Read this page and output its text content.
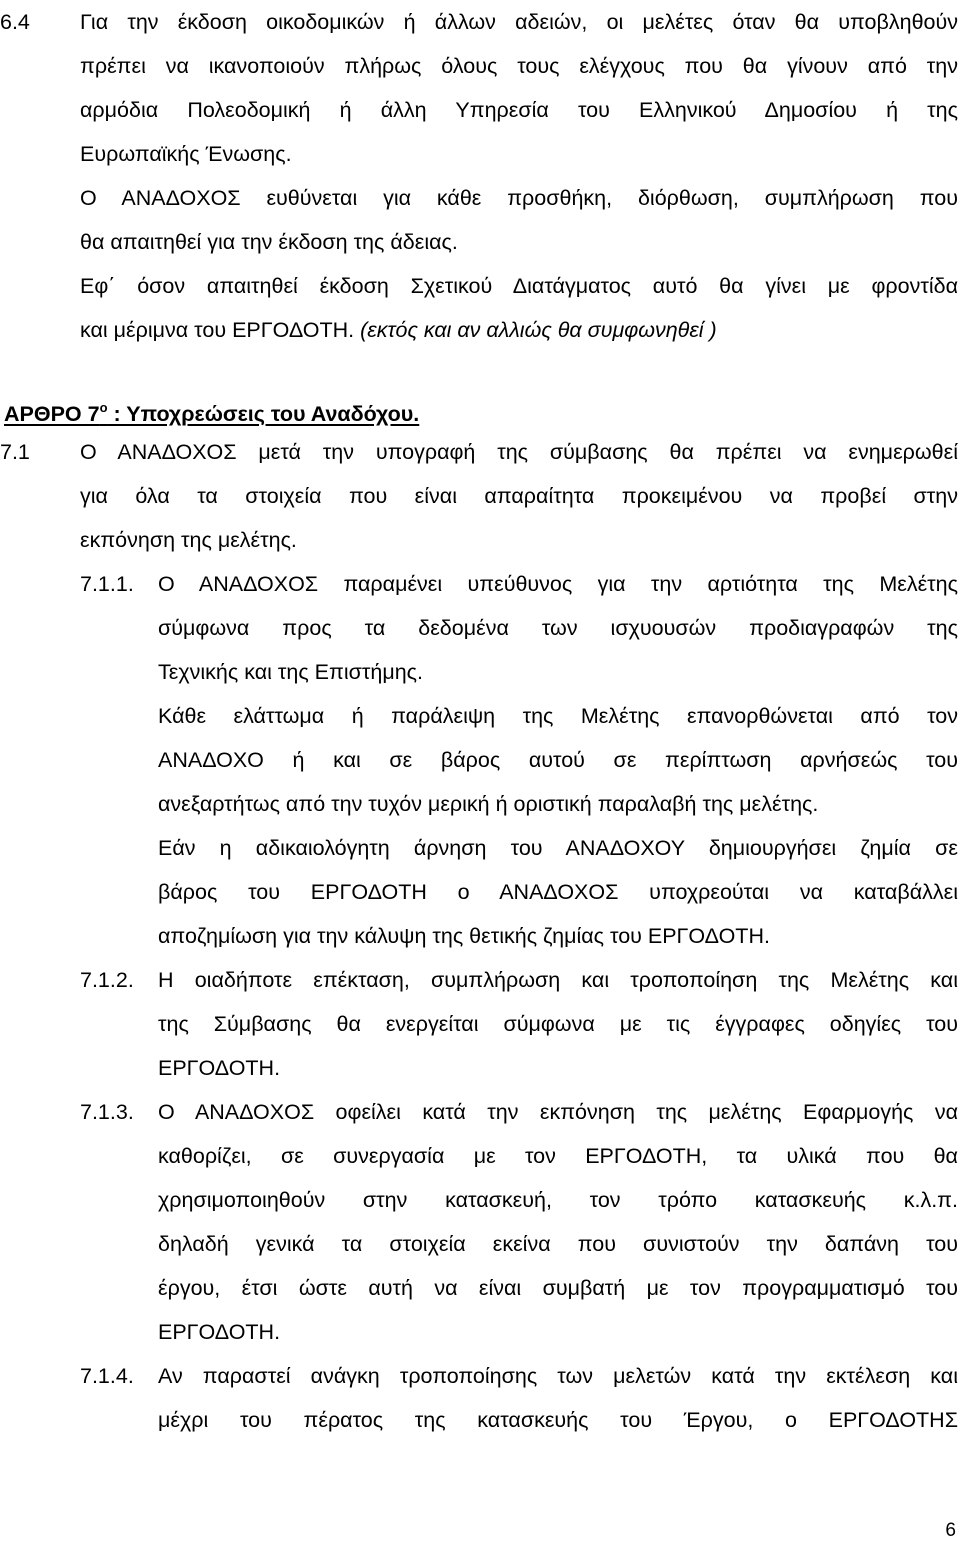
6.4	Για την έκδοση οικοδομικών ή άλλων αδειών, οι μελέτες όταν θα υποβληθούν
πρέπει να ικανοποιούν πλήρως όλους τους ελέγχους που θα γίνουν από την
αρμόδια Πολεοδομική ή άλλη Υπηρεσία του Ελληνικού Δημοσίου ή της
Ευρωπαϊκής Ένωσης.
Ο ΑΝΑΔΟΧΟΣ ευθύνεται για κάθε προσθήκη, διόρθωση, συμπλήρωση που
θα απαιτηθεί για την έκδοση της άδειας.
Εφ΄ όσον απαιτηθεί έκδοση Σχετικού Διατάγματος αυτό θα γίνει με φροντίδα
και μέριμνα του ΕΡΓΟΔΟΤΗ. (εκτός και αν αλλιώς θα συμφωνηθεί )
ΑΡΘΡΟ $7^o$ : Υποχρεώσεις του Αναδόχου.
7.1	Ο ΑΝΑΔΟΧΟΣ μετά την υπογραφή της σύμβασης θα πρέπει να ενημερωθεί
για όλα τα στοιχεία που είναι απαραίτητα προκειμένου να προβεί στην
εκπόνηση της μελέτης.
7.1.1.	Ο ΑΝΑΔΟΧΟΣ παραμένει υπεύθυνος για την αρτιότητα της Μελέτης
σύμφωνα προς τα δεδομένα των ισχυουσών προδιαγραφών της
Τεχνικής και της Επιστήμης.
Κάθε ελάττωμα ή παράλειψη της Μελέτης επανορθώνεται από τον
ΑΝΑΔΟΧΟ ή και σε βάρος αυτού σε περίπτωση αρνήσεώς του
ανεξαρτήτως από την τυχόν μερική ή οριστική παραλαβή της μελέτης.
Εάν η αδικαιολόγητη άρνηση του ΑΝΑΔΟΧΟΥ δημιουργήσει ζημία σε
βάρος του ΕΡΓΟΔΟΤΗ ο ΑΝΑΔΟΧΟΣ υποχρεούται να καταβάλλει
αποζημίωση για την κάλυψη της θετικής ζημίας του ΕΡΓΟΔΟΤΗ.
7.1.2.	Η οιαδήποτε επέκταση, συμπλήρωση και τροποποίηση της Μελέτης και
της Σύμβασης θα ενεργείται σύμφωνα με τις έγγραφες οδηγίες του
ΕΡΓΟΔΟΤΗ.
7.1.3.	Ο ΑΝΑΔΟΧΟΣ οφείλει κατά την εκπόνηση της μελέτης Εφαρμογής να
καθορίζει, σε συνεργασία με τον ΕΡΓΟΔΟΤΗ, τα υλικά που θα
χρησιμοποιηθούν στην κατασκευή, τον τρόπο κατασκευής κ.λ.π.
δηλαδή γενικά τα στοιχεία εκείνα που συνιστούν την δαπάνη του
έργου, έτσι ώστε αυτή να είναι συμβατή με τον προγραμματισμό του
ΕΡΓΟΔΟΤΗ.
7.1.4.	Αν παραστεί ανάγκη τροποποίησης των μελετών κατά την εκτέλεση και
μέχρι του πέρατος της κατασκευής του Έργου, ο ΕΡΓΟΔΟΤΗΣ
6
